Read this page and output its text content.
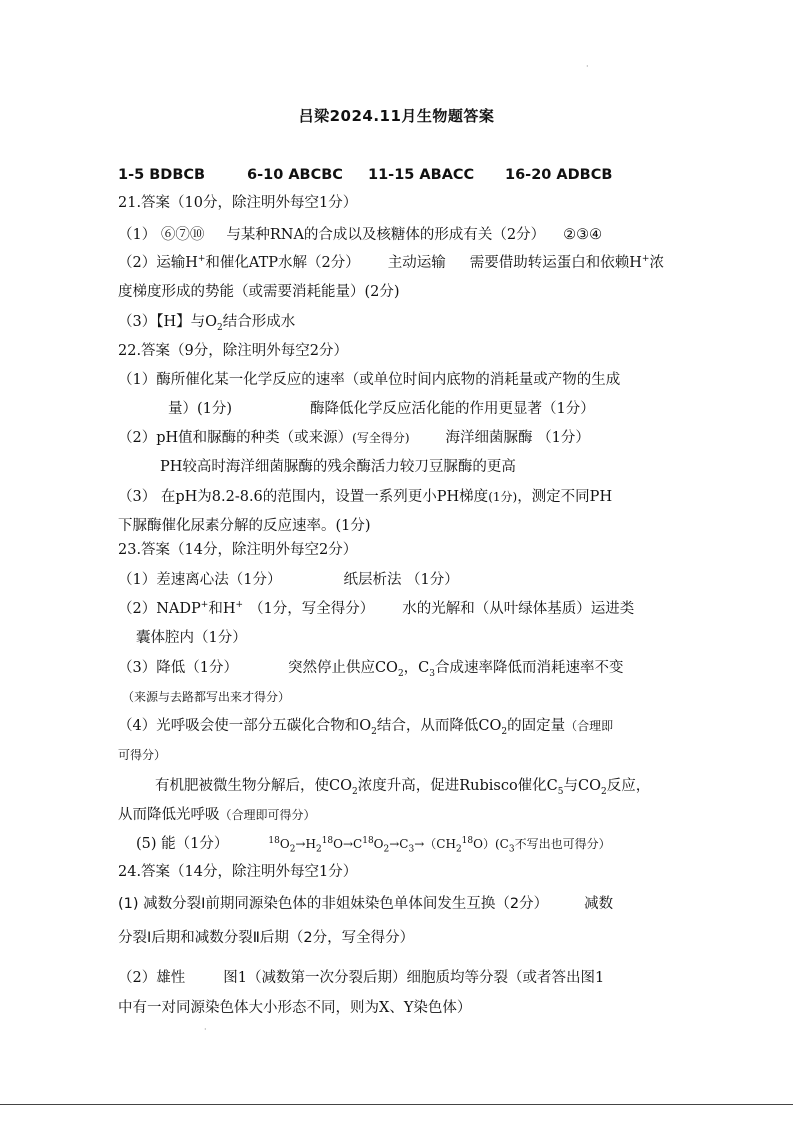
·
吕梁2024.11月生物题答案
1-5 BDBCB	6-10 ABCBC 11-15 ABACC 16-20 ADBCB
21.答案（10分，除注明外每空1分）
（1） ⑥⑦⑩ 与某种RNA的合成以及核糖体的形成有关（2分） ②③④
（2）运输H+和催化ATP水解（2分） 主动运输 需要借助转运蛋白和依赖H+浓
度梯度形成的势能（或需要消耗能量）(2分)
（3）【H】与$O_2$结合形成水
22.答案（9分，除注明外每空2分）
（1）酶所催化某一化学反应的速率（或单位时间内底物的消耗量或产物的生成
量）(1分)	酶降低化学反应活化能的作用更显著（1分）
（2）pH值和脲酶的种类（或来源）(写全得分) 海洋细菌脲酶 （1分）
PH较高时海洋细菌脲酶的残余酶活力较刀豆脲酶的更高
（3） 在pH为8.2-8.6的范围内，设置一系列更小PH梯度(1分)，测定不同PH
下脲酶催化尿素分解的反应速率。(1分)
23.答案（14分，除注明外每空2分）
（1）差速离心法（1分）	纸层析法 （1分）
（2）NADP+和H+ （1分，写全得分） 水的光解和（从叶绿体基质）运进类
囊体腔内（1分）
（3）降低（1分）	突然停止供应$CO_2$，$C_3$合成速率降低而消耗速率不变
（来源与去路都写出来才得分）
（4）光呼吸会使一部分五碳化合物和$O_2$结合，从而降低$CO_2$的固定量（合理即
可得分）
有机肥被微生物分解后，使$CO_2$浓度升高，促进Rubisco催化$C_5$与$CO_2$反应，
从而降低光呼吸（合理即可得分）
(5) 能（1分）	$^{18}O_2\to H_2^{18}O\to C^{18}O_2\to C_3\to(CH_2^{18}O)(C_3$不写出也可得分）
24.答案（14分，除注明外每空1分）
(1) 减数分裂Ⅰ前期同源染色体的非姐妹染色单体间发生互换（2分） 减数
分裂Ⅰ后期和减数分裂Ⅱ后期（2分，写全得分）
（2）雄性	图1（减数第一次分裂后期）细胞质均等分裂（或者答出图1
中有一对同源染色体大小形态不同，则为X、Y染色体）
·
